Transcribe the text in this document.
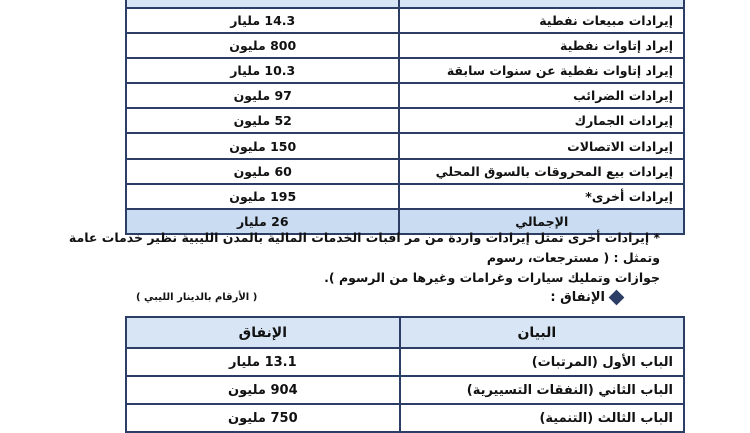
إيرادات مبيعات نفطية	14.3 مليار
إيراد إتاوات نفطية	800 مليون
إيراد إتاوات نفطية عن سنوات سابقة	10.3 مليار
إيرادات الضرائب	97 مليون
إيرادات الجمارك	52 مليون
إيرادات الاتصالات	150 مليون
إيرادات بيع المحروقات بالسوق المحلي	60 مليون
إيرادات أخرى*	195 مليون
الإجمالي	26 مليار
* إيرادات أخرى تمثل إيرادات واردة من مر اقبات الخدمات المالية بالمدن الليبية نظير خدمات عامة وتمثل : ( مسترجعات، رسوم
جوازات وتمليك سيارات وغرامات وغيرها من الرسوم ).
الإنفاق :
( الأرقام بالدينار الليبي )
البيان	الإنفاق
الباب الأول (المرتبات)	13.1 مليار
الباب الثاني (النفقات التسييرية)	904 مليون
الباب الثالث (التنمية)	750 مليون
